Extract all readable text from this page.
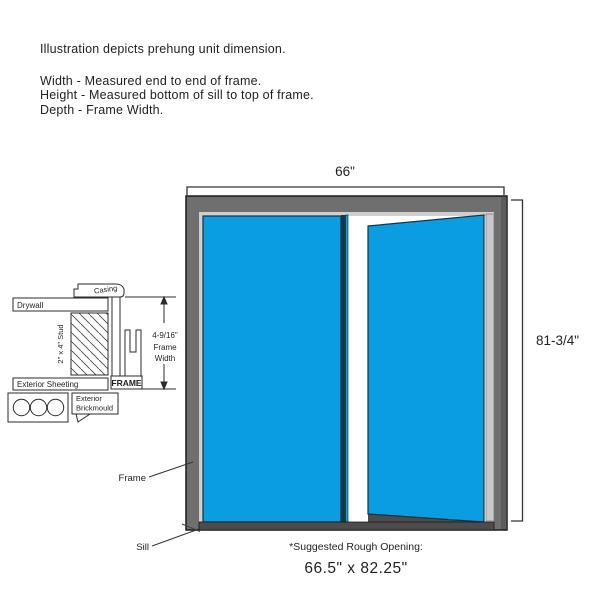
Illustration depicts prehung unit dimension.
Width - Measured end to end of frame.
Height - Measured bottom of sill to top of frame.
Depth - Frame Width.
66"
81-3/4"
Casing
Drywall
2" x 4" Stud
Exterior Sheeting	FRAME
Exterior
Brickmould
4-9/16"
Frame
Width
Frame
Sill	*Suggested Rough Opening:
66.5" x 82.25"
